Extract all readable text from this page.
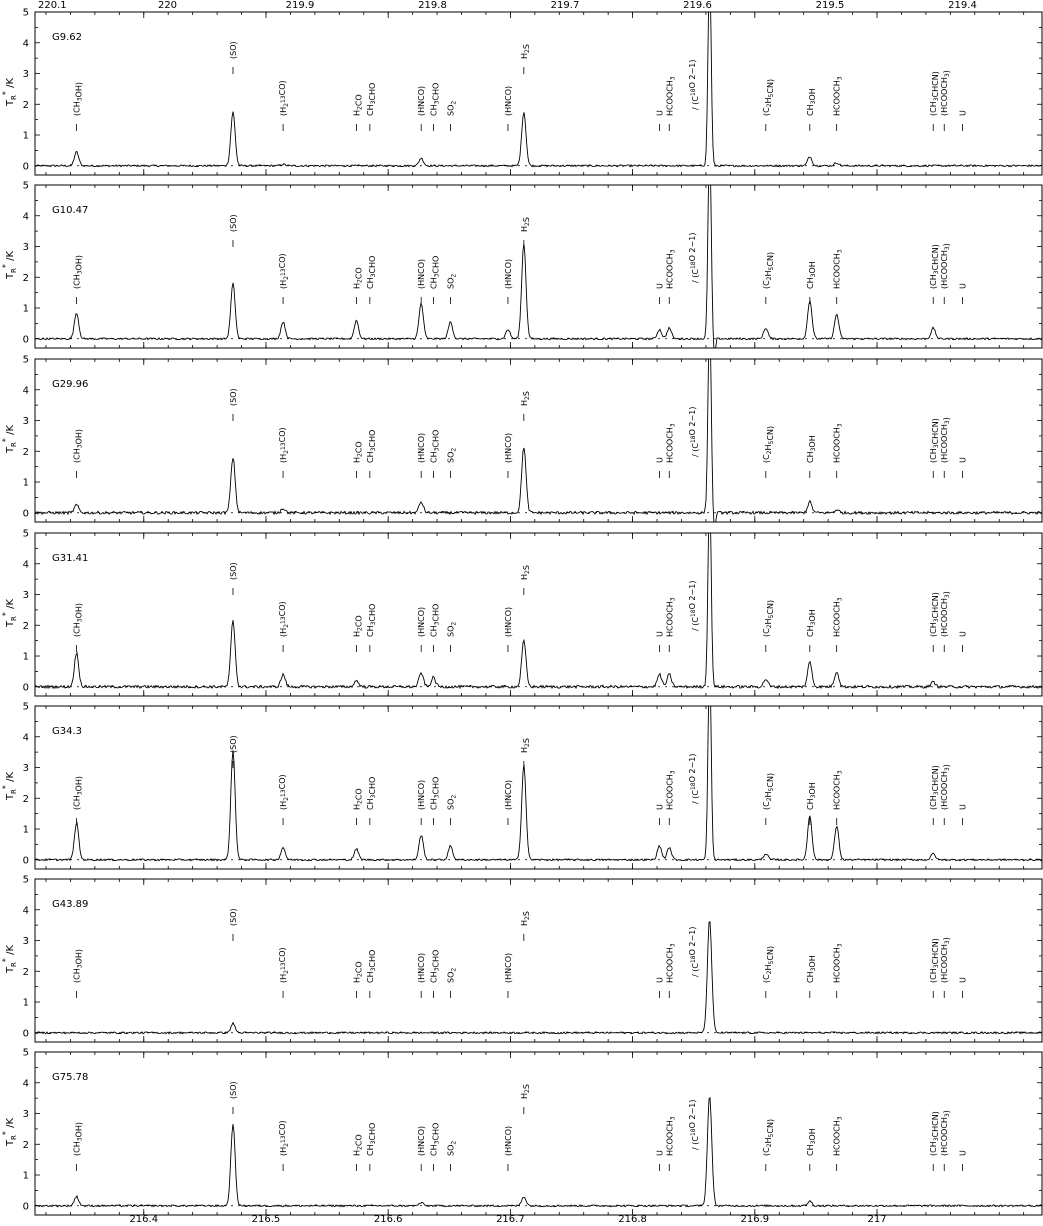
220.1	220	219.9	219.8	219.7	219.6	219.5	219.4
0
1
2
3
4
5
$T_R^*$ /K
G9.62
$(CH_3OH)$
(SO)
$(H_2^{13}CO)$
$H_2CO$
$CH_3CHO$	(HNCO) $CH_3CHO$
$SO_2$	(HNCO)
$H_2S$
U $HCOOCH_3$
/ ($C^{18}O$ 2−1)
$(C_2H_5CN)$
$CH_3OH$ $HCOOCH_3$
$(CH_3CHCN)$ $(HCOOCH_3)$
U
0
1
2
3
4
5
$T_R^*$ /K
G10.47
$(CH_3OH)$
(SO)
$(H_2^{13}CO)$
$H_2CO$
$CH_3CHO$	(HNCO) $CH_3CHO$
$SO_2$	(HNCO)
$H_2S$
U $HCOOCH_3$
/ ($C^{18}O$ 2−1)
$(C_2H_5CN)$
$CH_3OH$ $HCOOCH_3$
$(CH_3CHCN)$ $(HCOOCH_3)$
U
0
1
2
3
4
5
$T_R^*$ /K
G29.96
$(CH_3OH)$
(SO)
$(H_2^{13}CO)$
$H_2CO$
$CH_3CHO$	(HNCO) $CH_3CHO$
$SO_2$	(HNCO)
$H_2S$
U $HCOOCH_3$
/ ($C^{18}O$ 2−1)
$(C_2H_5CN)$
$CH_3OH$ $HCOOCH_3$
$(CH_3CHCN)$ $(HCOOCH_3)$
U
0
1
2
3
4
5
$T_R^*$ /K
G31.41
$(CH_3OH)$
(SO)
$(H_2^{13}CO)$
$H_2CO$
$CH_3CHO$	(HNCO) $CH_3CHO$
$SO_2$	(HNCO)
$H_2S$
U $HCOOCH_3$
/ ($C^{18}O$ 2−1)
$(C_2H_5CN)$
$CH_3OH$ $HCOOCH_3$
$(CH_3CHCN)$ $(HCOOCH_3)$
U
0
1
2
3
4
5
$T_R^*$ /K
G34.3
$(CH_3OH)$
(SO)
$(H_2^{13}CO)$
$H_2CO$
$CH_3CHO$	(HNCO) $CH_3CHO$
$SO_2$	(HNCO)
$H_2S$
U $HCOOCH_3$
/ ($C^{18}O$ 2−1)
$(C_2H_5CN)$
$CH_3OH$ $HCOOCH_3$
$(CH_3CHCN)$ $(HCOOCH_3)$
U
0
1
2
3
4
5
$T_R^*$ /K
G43.89
$(CH_3OH)$
(SO)
$(H_2^{13}CO)$
$H_2CO$
$CH_3CHO$	(HNCO) $CH_3CHO$
$SO_2$	(HNCO)
$H_2S$
U $HCOOCH_3$
/ ($C^{18}O$ 2−1)
$(C_2H_5CN)$
$CH_3OH$ $HCOOCH_3$
$(CH_3CHCN)$ $(HCOOCH_3)$
U
0
1
2
3
4
5
$T_R^*$ /K
G75.78
$(CH_3OH)$
(SO)
$(H_2^{13}CO)$
$H_2CO$
$CH_3CHO$	(HNCO) $CH_3CHO$
$SO_2$	(HNCO)
$H_2S$
U $HCOOCH_3$
/ ($C^{18}O$ 2−1)
$(C_2H_5CN)$
$CH_3OH$ $HCOOCH_3$
$(CH_3CHCN)$ $(HCOOCH_3)$
U
216.4	216.5	216.6	216.7	216.8	216.9	217
